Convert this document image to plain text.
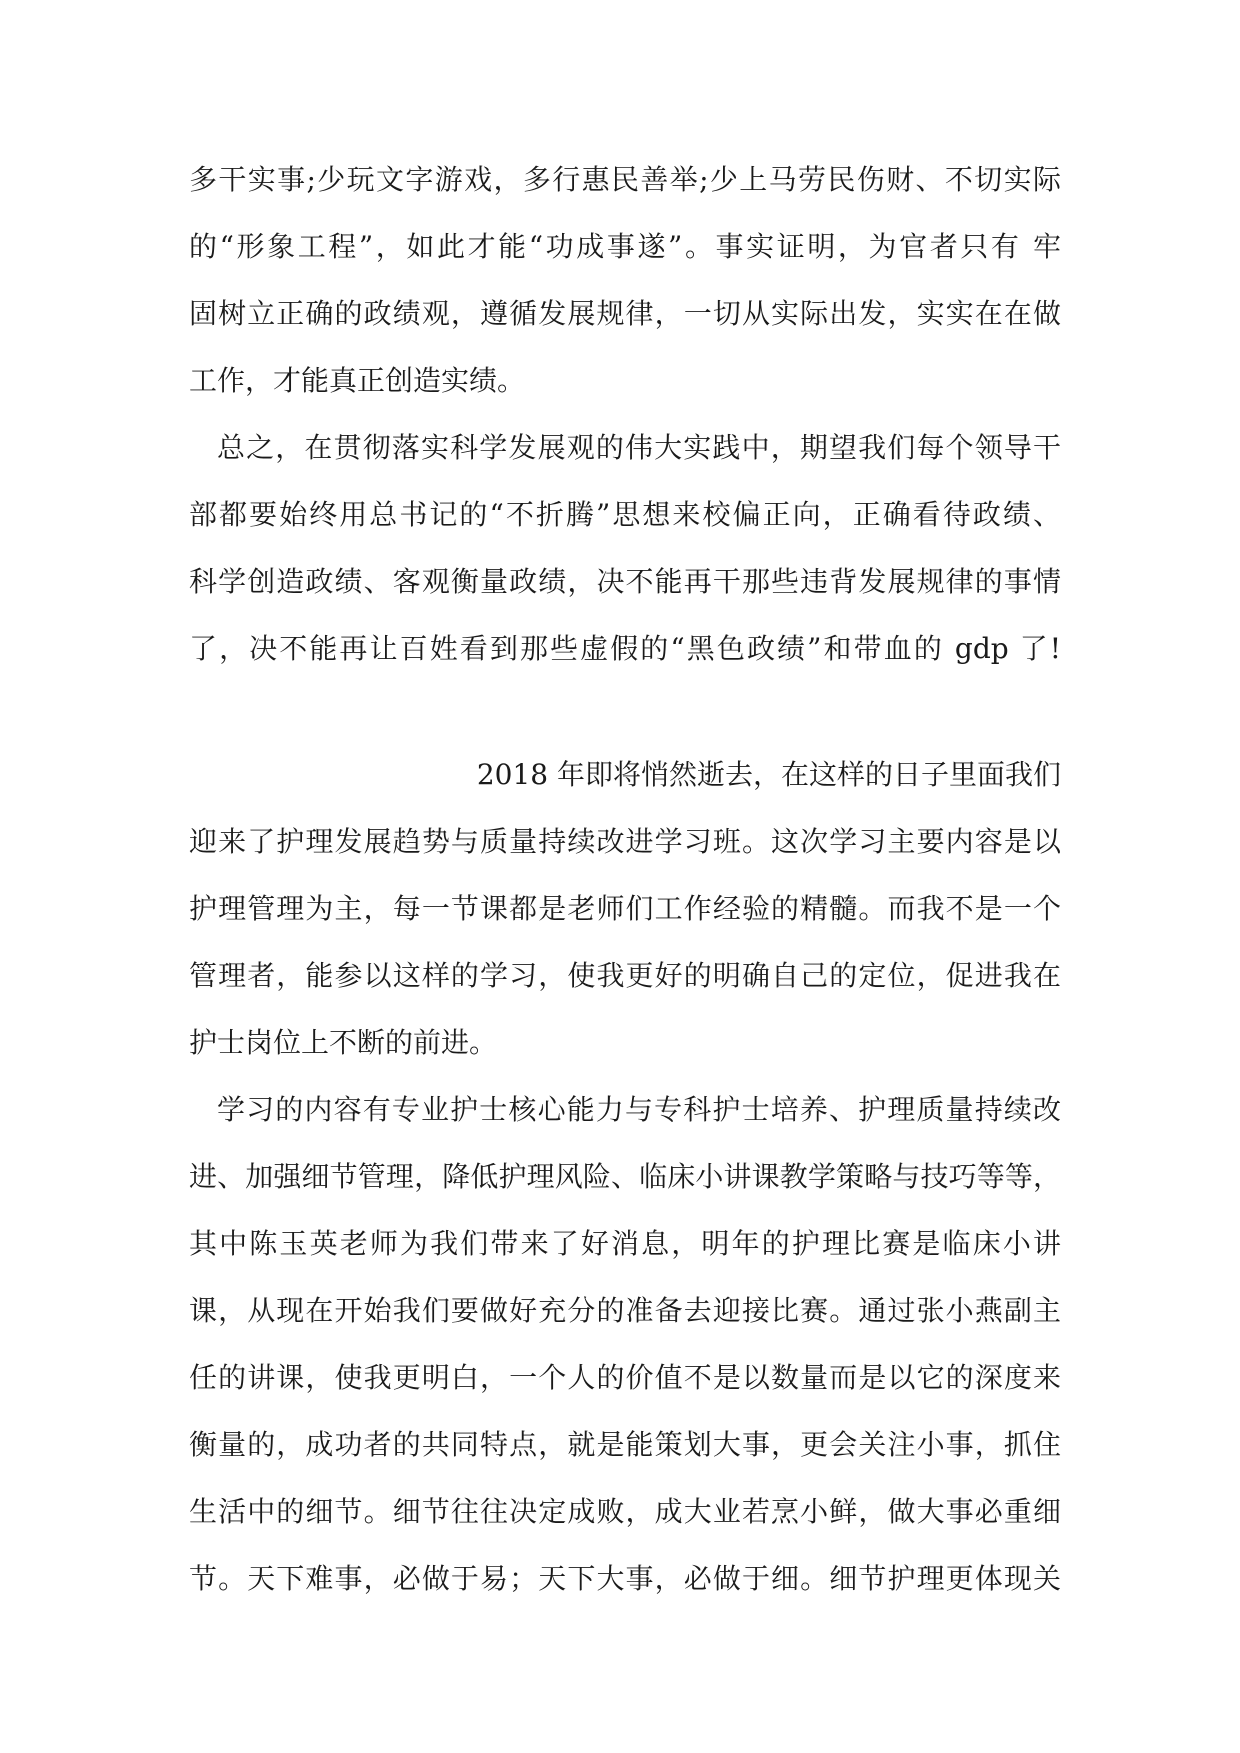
多干实事;少玩文字游戏，多行惠民善举;少上马劳民伤财、不切实际
的“形象工程”，如此才能“功成事遂”。事实证明，为官者只有 牢
固树立正确的政绩观，遵循发展规律，一切从实际出发，实实在在做
工作，才能真正创造实绩。
总之，在贯彻落实科学发展观的伟大实践中，期望我们每个领导干
部都要始终用总书记的“不折腾”思想来校偏正向，正确看待政绩、
科学创造政绩、客观衡量政绩，决不能再干那些违背发展规律的事情
了，决不能再让百姓看到那些虚假的“黑色政绩”和带血的 gdp 了!
2018 年即将悄然逝去，在这样的日子里面我们
迎来了护理发展趋势与质量持续改进学习班。这次学习主要内容是以
护理管理为主，每一节课都是老师们工作经验的精髓。而我不是一个
管理者，能参以这样的学习，使我更好的明确自己的定位，促进我在
护士岗位上不断的前进。
学习的内容有专业护士核心能力与专科护士培养、护理质量持续改
进、加强细节管理，降低护理风险、临床小讲课教学策略与技巧等等，
其中陈玉英老师为我们带来了好消息，明年的护理比赛是临床小讲
课，从现在开始我们要做好充分的准备去迎接比赛。通过张小燕副主
任的讲课，使我更明白，一个人的价值不是以数量而是以它的深度来
衡量的，成功者的共同特点，就是能策划大事，更会关注小事，抓住
生活中的细节。细节往往决定成败，成大业若烹小鲜，做大事必重细
节。天下难事，必做于易；天下大事，必做于细。细节护理更体现关
